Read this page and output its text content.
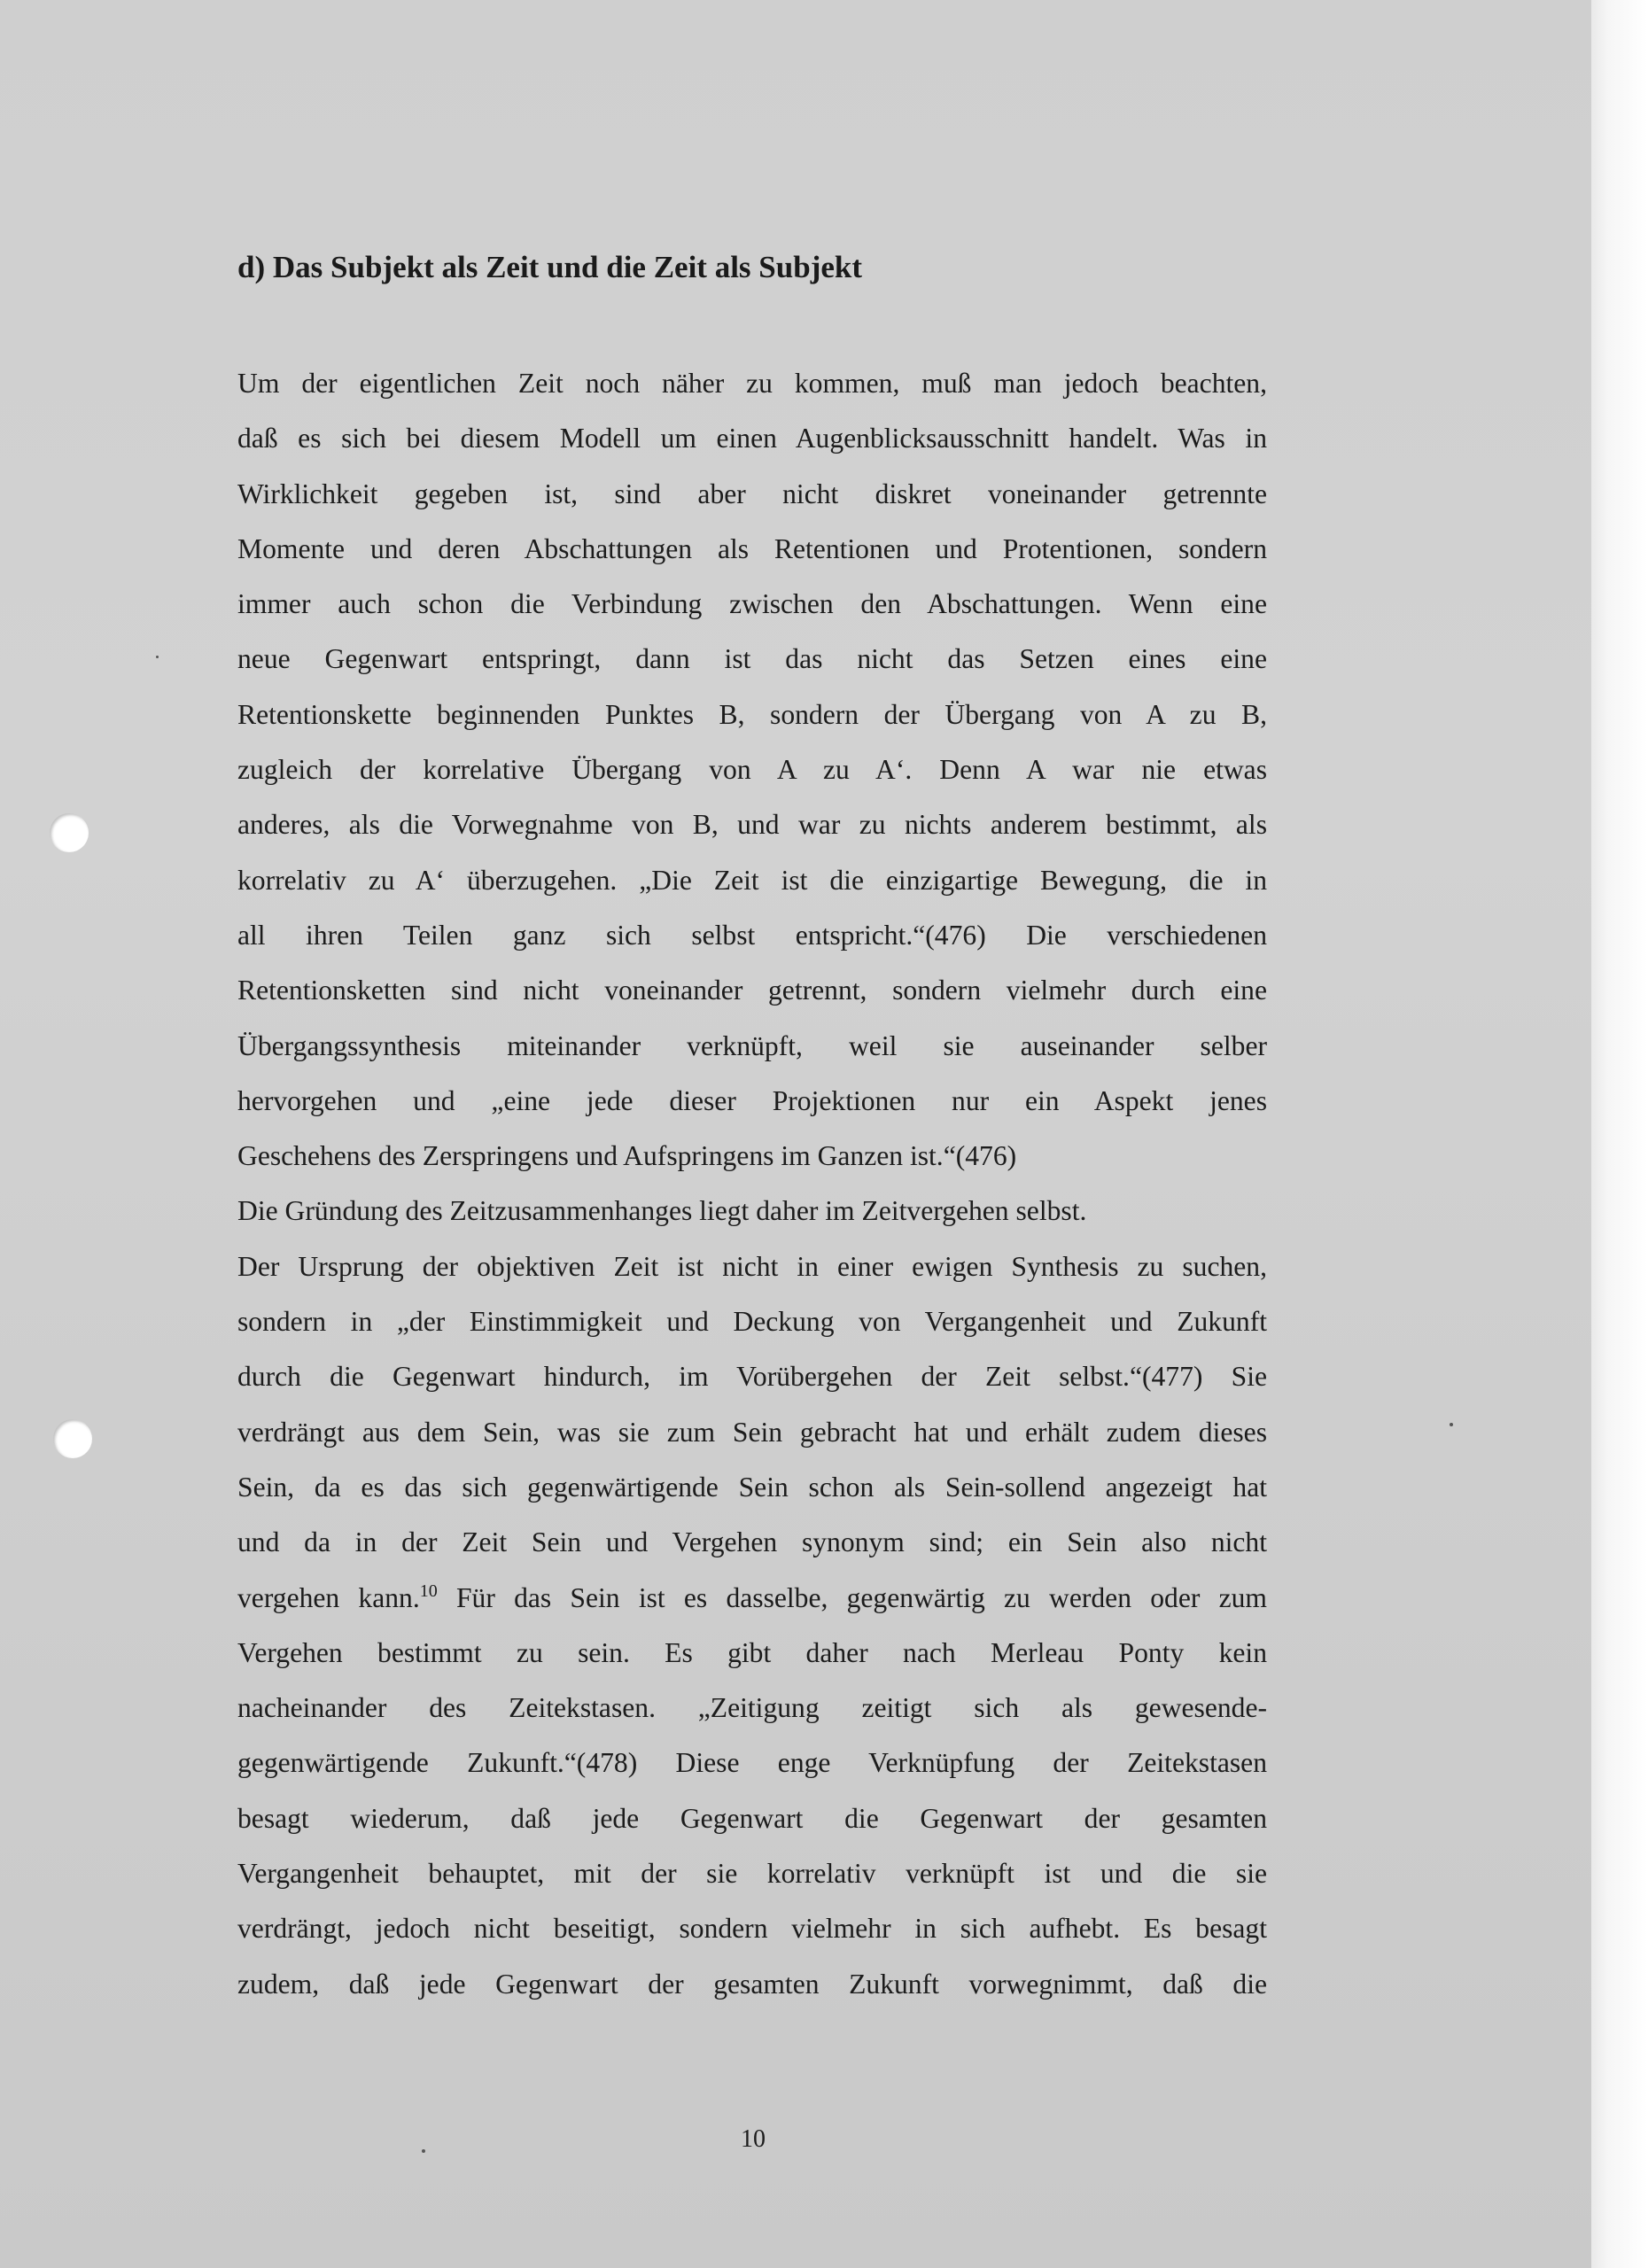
d) Das Subjekt als Zeit und die Zeit als Subjekt
Um der eigentlichen Zeit noch näher zu kommen, muß man jedoch beachten,
daß es sich bei diesem Modell um einen Augenblicksausschnitt handelt. Was in
Wirklichkeit gegeben ist, sind aber nicht diskret voneinander getrennte
Momente und deren Abschattungen als Retentionen und Protentionen, sondern
immer auch schon die Verbindung zwischen den Abschattungen. Wenn eine
neue Gegenwart entspringt, dann ist das nicht das Setzen eines eine
Retentionskette beginnenden Punktes B, sondern der Übergang von A zu B,
zugleich der korrelative Übergang von A zu A‘. Denn A war nie etwas
anderes, als die Vorwegnahme von B, und war zu nichts anderem bestimmt, als
korrelativ zu A‘ überzugehen. „Die Zeit ist die einzigartige Bewegung, die in
all ihren Teilen ganz sich selbst entspricht.“(476) Die verschiedenen
Retentionsketten sind nicht voneinander getrennt, sondern vielmehr durch eine
Übergangssynthesis miteinander verknüpft, weil sie auseinander selber
hervorgehen und „eine jede dieser Projektionen nur ein Aspekt jenes
Geschehens des Zerspringens und Aufspringens im Ganzen ist.“(476)
Die Gründung des Zeitzusammenhanges liegt daher im Zeitvergehen selbst.
Der Ursprung der objektiven Zeit ist nicht in einer ewigen Synthesis zu suchen,
sondern in „der Einstimmigkeit und Deckung von Vergangenheit und Zukunft
durch die Gegenwart hindurch, im Vorübergehen der Zeit selbst.“(477) Sie
verdrängt aus dem Sein, was sie zum Sein gebracht hat und erhält zudem dieses
Sein, da es das sich gegenwärtigende Sein schon als Sein-sollend angezeigt hat
und da in der Zeit Sein und Vergehen synonym sind; ein Sein also nicht
vergehen kann.$^{10}$ Für das Sein ist es dasselbe, gegenwärtig zu werden oder zum
Vergehen bestimmt zu sein. Es gibt daher nach Merleau Ponty kein
nacheinander des Zeitekstasen. „Zeitigung zeitigt sich als gewesende-
gegenwärtigende Zukunft.“(478) Diese enge Verknüpfung der Zeitekstasen
besagt wiederum, daß jede Gegenwart die Gegenwart der gesamten
Vergangenheit behauptet, mit der sie korrelativ verknüpft ist und die sie
verdrängt, jedoch nicht beseitigt, sondern vielmehr in sich aufhebt. Es besagt
zudem, daß jede Gegenwart der gesamten Zukunft vorwegnimmt, daß die
10
